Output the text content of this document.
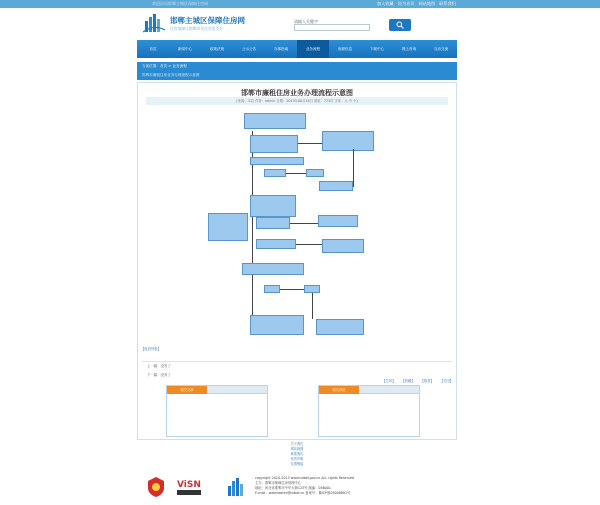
欢迎访问邯郸主城区保障住房网	加入收藏 设为首页 网站地图 联系我们
邯郸主城区保障住房网
住房保障让邯郸市民住房更美好
请输入关键字
首页	新闻中心	政策法规	公示公告	办事指南	业务流程	房源信息	下载中心	网上咨询	互动交流
当前位置：首页 > 业务流程
邯郸市廉租住房业务办理流程示意图
邯郸市廉租住房业务办理流程示意图
[来源：本站 作者：admin 日期：2013年06月18日 浏览：773次 字体：大 中 小]
【返回列表】
上一篇：没有了
下一篇：没有了
【打印】 【收藏】 【推荐】 【关闭】
相关文章	相关评论
关于我们
网站地图
联系我们
免责声明
友情链接
ViSN
copyright 2010-2013 www.hdbzf.gov.cn ALL rights Reserved
主办：邯郸市保障住房管理中心
地址：河北省邯郸市中华大街123号 邮编：056001
E-mail：webmaster@hdbzf.cn 备案号：冀ICP备05008891号
